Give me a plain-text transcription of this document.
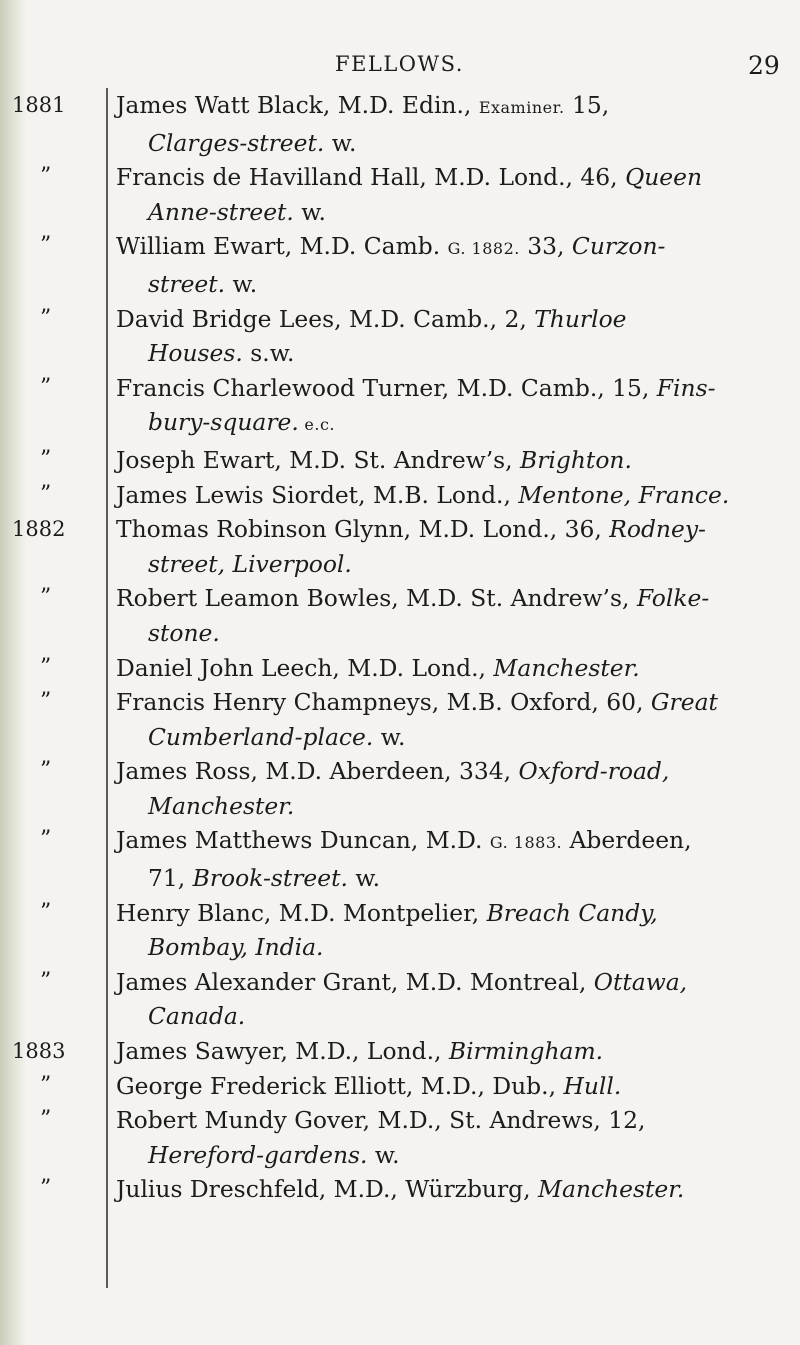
FELLOWS.	29
1881	James Watt Black, M.D. Edin., Examiner. 15,
Clarges-street. w.
”	Francis de Havilland Hall, M.D. Lond., 46, Queen
Anne-street. w.
”	William Ewart, M.D. Camb. G. 1882. 33, Curzon-
street. w.
”	David Bridge Lees, M.D. Camb., 2, Thurloe
Houses. s.w.
”	Francis Charlewood Turner, M.D. Camb., 15, Fins-
bury-square. e.c.
”	Joseph Ewart, M.D. St. Andrew’s, Brighton.
”	James Lewis Siordet, M.B. Lond., Mentone, France.
1882	Thomas Robinson Glynn, M.D. Lond., 36, Rodney-
street, Liverpool.
”	Robert Leamon Bowles, M.D. St. Andrew’s, Folke-
stone.
”	Daniel John Leech, M.D. Lond., Manchester.
”	Francis Henry Champneys, M.B. Oxford, 60, Great
Cumberland-place. w.
”	James Ross, M.D. Aberdeen, 334, Oxford-road,
Manchester.
”	James Matthews Duncan, M.D. G. 1883. Aberdeen,
71, Brook-street. w.
”	Henry Blanc, M.D. Montpelier, Breach Candy,
Bombay, India.
”	James Alexander Grant, M.D. Montreal, Ottawa,
Canada.
1883	James Sawyer, M.D., Lond., Birmingham.
”	George Frederick Elliott, M.D., Dub., Hull.
”	Robert Mundy Gover, M.D., St. Andrews, 12,
Hereford-gardens. w.
”	Julius Dreschfeld, M.D., Würzburg, Manchester.
